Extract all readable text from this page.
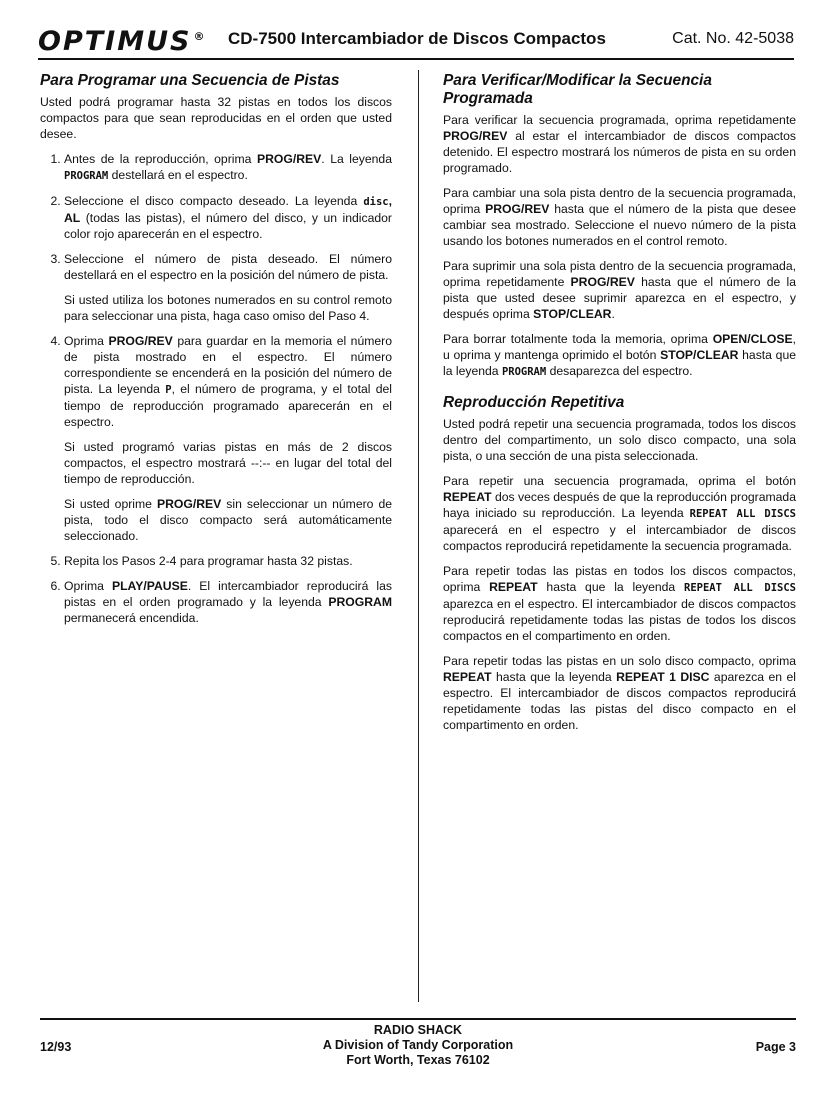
OPTIMUS ® CD-7500 Intercambiador de Discos Compactos	Cat. No. 42-5038
Para Programar una Secuencia de Pistas

Usted podrá programar hasta 32 pistas en todos los discos compactos para que sean reproducidas en el orden que usted desee.

1. Antes de la reproducción, oprima PROG/REV. La leyenda PROGRAM destellará en el espectro.
2. Seleccione el disco compacto deseado. La leyenda disc, AL (todas las pistas), el número del disco, y un indicador color rojo aparecerán en el espectro.

3. Seleccione el número de pista deseado. El número destellará en el espectro en la posición del número de pista.

Si usted utiliza los botones numerados en su control remoto para seleccionar una pista, haga caso omiso del Paso 4.

4. Oprima PROG/REV para guardar en la memoria el número de pista mostrado en el espectro. El número correspondiente se encenderá en la posición del número de pista. La leyenda P, el número de programa, y el total del tiempo de reproducción programado aparecerán en el espectro.

Si usted programó varias pistas en más de 2 discos compactos, el espectro mostrará --:-- en lugar del total del tiempo de reproducción.

Si usted oprime PROG/REV sin seleccionar un número de pista, todo el disco compacto será automáticamente seleccionado.

5. Repita los Pasos 2-4 para programar hasta 32 pistas.
6. Oprima PLAY/PAUSE. El intercambiador reproducirá las pistas en el orden programado y la leyenda PROGRAM permanecerá encendida.
Para Verificar/Modificar la Secuencia Programada

Para verificar la secuencia programada, oprima repetidamente PROG/REV al estar el intercambiador de discos compactos detenido. El espectro mostrará los números de pista en su orden programado.

Para cambiar una sola pista dentro de la secuencia programada, oprima PROG/REV hasta que el número de la pista que desee cambiar sea mostrado. Seleccione el nuevo número de la pista usando los botones numerados en el control remoto.

Para suprimir una sola pista dentro de la secuencia programada, oprima repetidamente PROG/REV hasta que el número de la pista que usted desee suprimir aparezca en el espectro, y después oprima STOP/CLEAR.

Para borrar totalmente toda la memoria, oprima OPEN/CLOSE, u oprima y mantenga oprimido el botón STOP/CLEAR hasta que la leyenda PROGRAM desaparezca del espectro.

Reproducción Repetitiva

Usted podrá repetir una secuencia programada, todos los discos dentro del compartimento, un solo disco compacto, una sola pista, o una sección de una pista seleccionada.

Para repetir una secuencia programada, oprima el botón REPEAT dos veces después de que la reproducción programada haya iniciado su reproducción. La leyenda REPEAT ALL DISCS aparecerá en el espectro y el intercambiador de discos compactos reproducirá repetidamente la secuencia programada.

Para repetir todas las pistas en todos los discos compactos, oprima REPEAT hasta que la leyenda REPEAT ALL DISCS aparezca en el espectro. El intercambiador de discos compactos reproducirá repetidamente todas las pistas de todos los discos compactos en el compartimento en orden.

Para repetir todas las pistas en un solo disco compacto, oprima REPEAT hasta que la leyenda REPEAT 1 DISC aparezca en el espectro. El intercambiador de discos compactos reproducirá repetidamente todas las pistas del disco compacto en el compartimento en orden.

12/93
RADIO SHACK
A Division of Tandy Corporation
Fort Worth, Texas 76102
Page 3
